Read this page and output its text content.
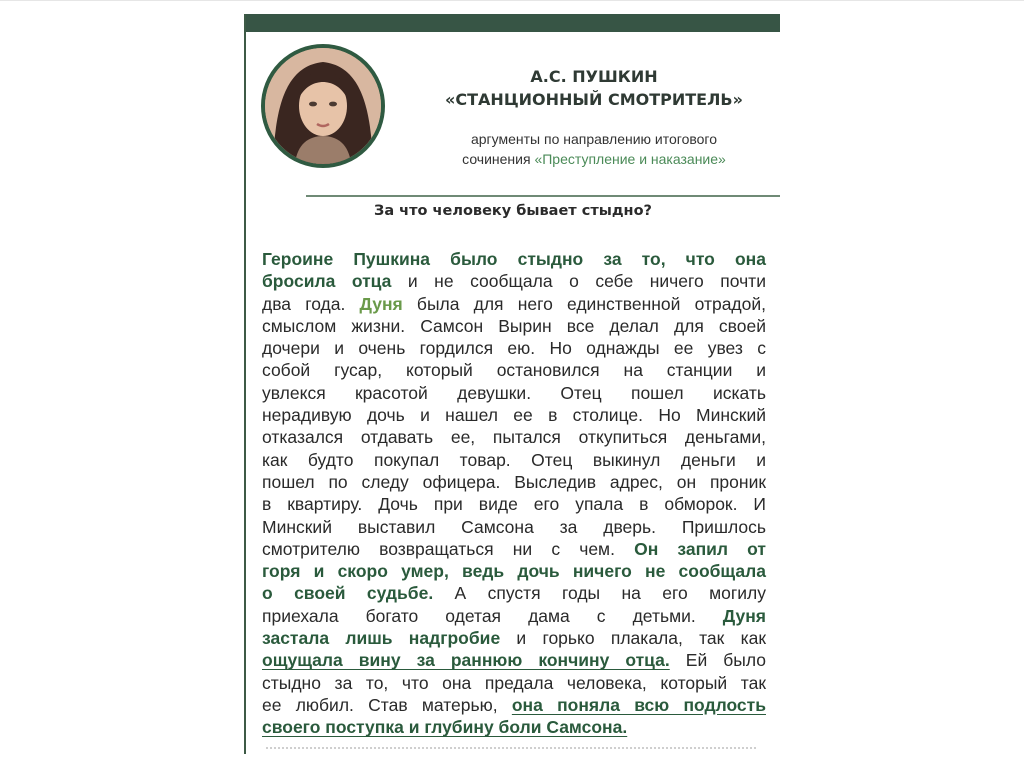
А.С. ПУШКИН
«СТАНЦИОННЫЙ СМОТРИТЕЛЬ»
аргументы по направлению итогового
сочинения «Преступление и наказание»
За что человеку бывает стыдно?
Героине Пушкина было стыдно за то, что она
бросила отца и не сообщала о себе ничего почти
два года. Дуня была для него единственной отрадой,
смыслом жизни. Самсон Вырин все делал для своей
дочери и очень гордился ею. Но однажды ее увез с
собой гусар, который остановился на станции и
увлекся красотой девушки. Отец пошел искать
нерадивую дочь и нашел ее в столице. Но Минский
отказался отдавать ее, пытался откупиться деньгами,
как будто покупал товар. Отец выкинул деньги и
пошел по следу офицера. Выследив адрес, он проник
в квартиру. Дочь при виде его упала в обморок. И
Минский выставил Самсона за дверь. Пришлось
смотрителю возвращаться ни с чем. Он запил от
горя и скоро умер, ведь дочь ничего не сообщала
о своей судьбе. А спустя годы на его могилу
приехала богато одетая дама с детьми. Дуня
застала лишь надгробие и горько плакала, так как
ощущала вину за раннюю кончину отца. Ей было
стыдно за то, что она предала человека, который так
ее любил. Став матерью, она поняла всю подлость
своего поступка и глубину боли Самсона.
